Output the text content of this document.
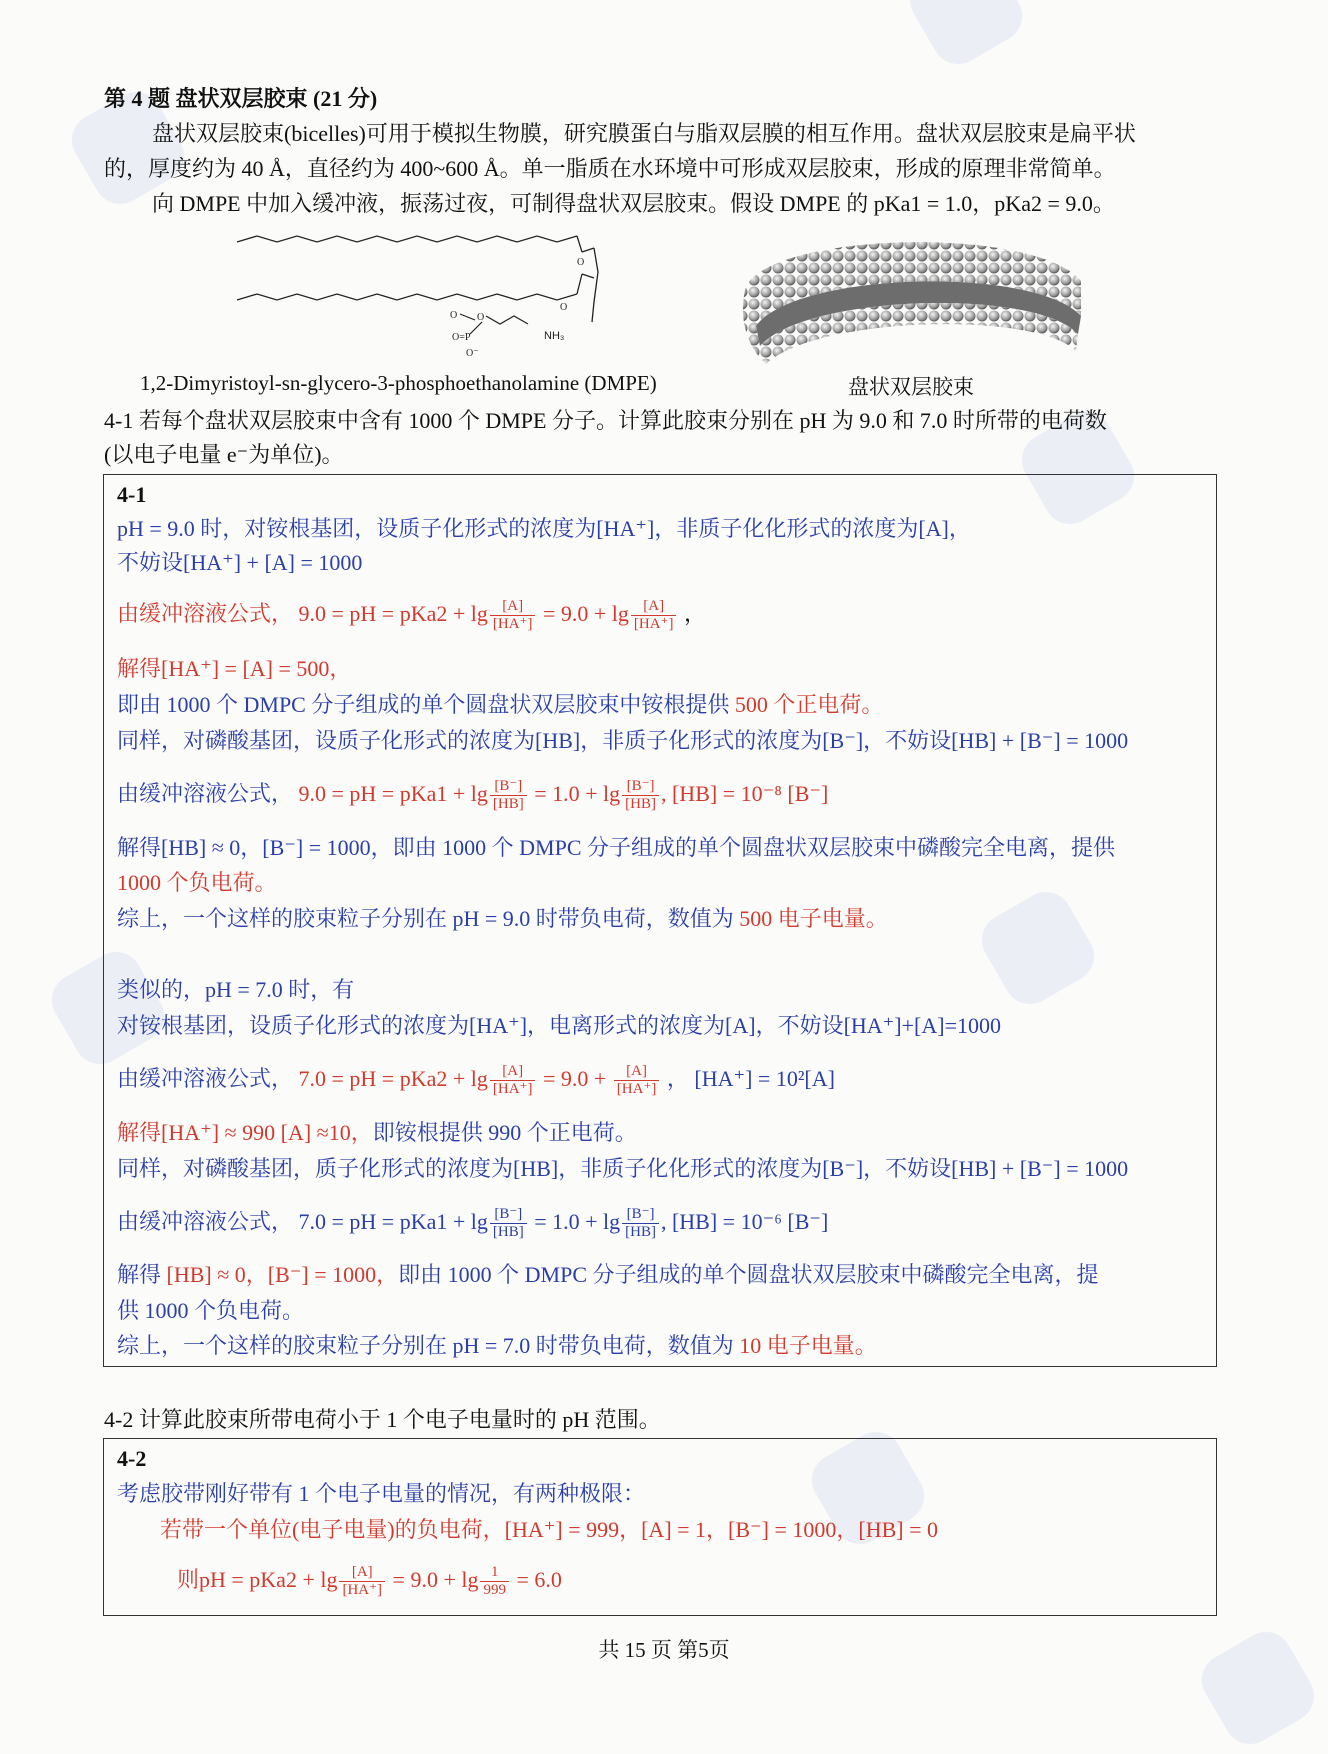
第 4 题 盘状双层胶束 (21 分)
盘状双层胶束(bicelles)可用于模拟生物膜，研究膜蛋白与脂双层膜的相互作用。盘状双层胶束是扁平状
的，厚度约为 40 Å，直径约为 400~600 Å。单一脂质在水环境中可形成双层胶束，形成的原理非常简单。
向 DMPE 中加入缓冲液，振荡过夜，可制得盘状双层胶束。假设 DMPE 的 pKa1 = 1.0，pKa2 = 9.0。
O
O
NH₃
O
O=P
O
O⁻
1,2-Dimyristoyl-sn-glycero-3-phosphoethanolamine (DMPE)	盘状双层胶束
4-1 若每个盘状双层胶束中含有 1000 个 DMPE 分子。计算此胶束分别在 pH 为 9.0 和 7.0 时所带的电荷数
(以电子电量 e⁻为单位)。
4-1
pH = 9.0 时，对铵根基团，设质子化形式的浓度为[HA⁺]，非质子化化形式的浓度为[A]，
不妨设[HA⁺] + [A] = 1000
由缓冲溶液公式， 9.0 = pH = $pKa2 + \lg \frac{[A]}{[HA^+]} = 9.0 + \lg \frac{[A]}{[HA^+]}$ ，
解得[HA⁺] = [A] = 500，
即由 1000 个 DMPC 分子组成的单个圆盘状双层胶束中铵根提供 500 个正电荷。
同样，对磷酸基团，设质子化形式的浓度为[HB]，非质子化形式的浓度为[B⁻]，不妨设[HB] + [B⁻] = 1000
由缓冲溶液公式， 9.0 = pH = $pKa1 + \lg \frac{[B^-]}{[HB]} = 1.0 + \lg \frac{[B^-]}{[HB]}$ , [HB] = 10⁻⁸ [B⁻]
解得[HB] ≈ 0，[B⁻] = 1000，即由 1000 个 DMPC 分子组成的单个圆盘状双层胶束中磷酸完全电离，提供
1000 个负电荷。
综上，一个这样的胶束粒子分别在 pH = 9.0 时带负电荷，数值为 500 电子电量。
类似的，pH = 7.0 时，有
对铵根基团，设质子化形式的浓度为[HA⁺]，电离形式的浓度为[A]，不妨设[HA⁺]+[A]=1000
由缓冲溶液公式， 7.0 = pH = $pKa2 + \lg \frac{[A]}{[HA^+]} = 9.0 + \frac{[A]}{[HA^+]}$ ， [HA⁺] = 10²[A]
解得[HA⁺] ≈ 990 [A] ≈10，即铵根提供 990 个正电荷。
同样，对磷酸基团，质子化形式的浓度为[HB]，非质子化化形式的浓度为[B⁻]，不妨设[HB] + [B⁻] = 1000
由缓冲溶液公式， 7.0 = pH = $pKa1 + \lg \frac{[B^-]}{[HB]} = 1.0 + \lg \frac{[B^-]}{[HB]}$ , [HB] = 10⁻⁶ [B⁻]
解得 [HB] ≈ 0，[B⁻] = 1000，即由 1000 个 DMPC 分子组成的单个圆盘状双层胶束中磷酸完全电离，提
供 1000 个负电荷。
综上，一个这样的胶束粒子分别在 pH = 7.0 时带负电荷，数值为 10 电子电量。
4-2 计算此胶束所带电荷小于 1 个电子电量时的 pH 范围。
4-2
考虑胶带刚好带有 1 个电子电量的情况，有两种极限：
若带一个单位(电子电量)的负电荷，[HA⁺] = 999，[A] = 1，[B⁻] = 1000，[HB] = 0
则pH = $pKa2 + \lg \frac{[A]}{[HA^+]} = 9.0 + \lg \frac{1}{999} = 6.0$
共 15 页 第5页
